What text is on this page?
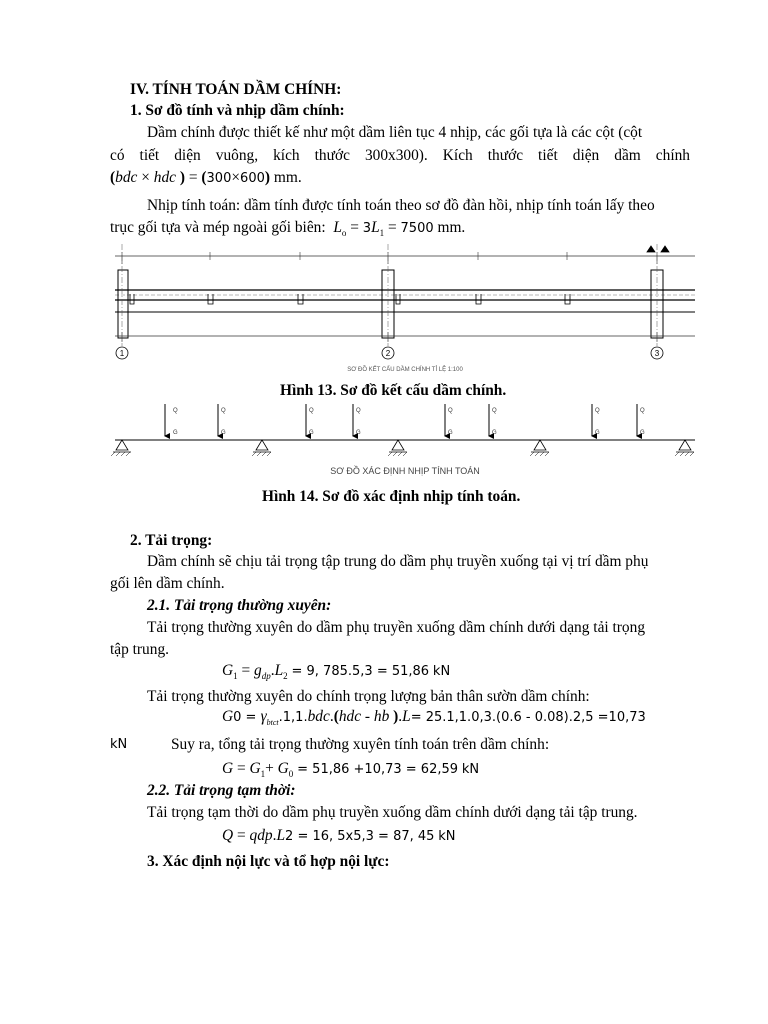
IV. TÍNH TOÁN DẦM CHÍNH:
1. Sơ đồ tính và nhịp dầm chính:
Dầm chính được thiết kế như một dầm liên tục 4 nhịp, các gối tựa là các cột (cột
có tiết diện vuông, kích thước 300x300). Kích thước tiết diện dầm chính
(bdc × hdc ) = (300×600) mm.
Nhịp tính toán: dầm tính được tính toán theo sơ đồ đàn hồi, nhịp tính toán lấy theo
trục gối tựa và mép ngoài gối biên: $L_o = 3L_1 = 7500$ mm.
1	2	3
SƠ ĐỒ KẾT CẤU DẦM CHÍNH TỈ LỆ 1:100
Hình 13. Sơ đồ kết cấu dầm chính.
Q
G
Q
G
Q
G
Q
G
Q
G
Q
G
Q
G
Q
G
SƠ ĐỒ XÁC ĐỊNH NHỊP TÍNH TOÁN
Hình 14. Sơ đồ xác định nhịp tính toán.
2. Tải trọng:
Dầm chính sẽ chịu tải trọng tập trung do dầm phụ truyền xuống tại vị trí dầm phụ
gối lên dầm chính.
2.1. Tải trọng thường xuyên:
Tải trọng thường xuyên do dầm phụ truyền xuống dầm chính dưới dạng tải trọng
tập trung.
$G_1 = g_{dp}.L_2 = 9$, 785.5,3 = 51,86 kN
Tải trọng thường xuyên do chính trọng lượng bản thân sườn dầm chính:
$G0 = \gamma_{btct}.1,1.bdc.(hdc$ - hb ).L= 25.1,1.0,3.(0.6 - 0.08).2,5 =10,73
kN	Suy ra, tổng tải trọng thường xuyên tính toán trên dầm chính:
$G = G_1+ G_0 = 51,86 +10,73 = 62,59$ kN
2.2. Tải trọng tạm thời:
Tải trọng tạm thời do dầm phụ truyền xuống dầm chính dưới dạng tải tập trung.
Q = qdp.L2 = 16, 5x5,3 = 87, 45 kN
3. Xác định nội lực và tổ hợp nội lực:
